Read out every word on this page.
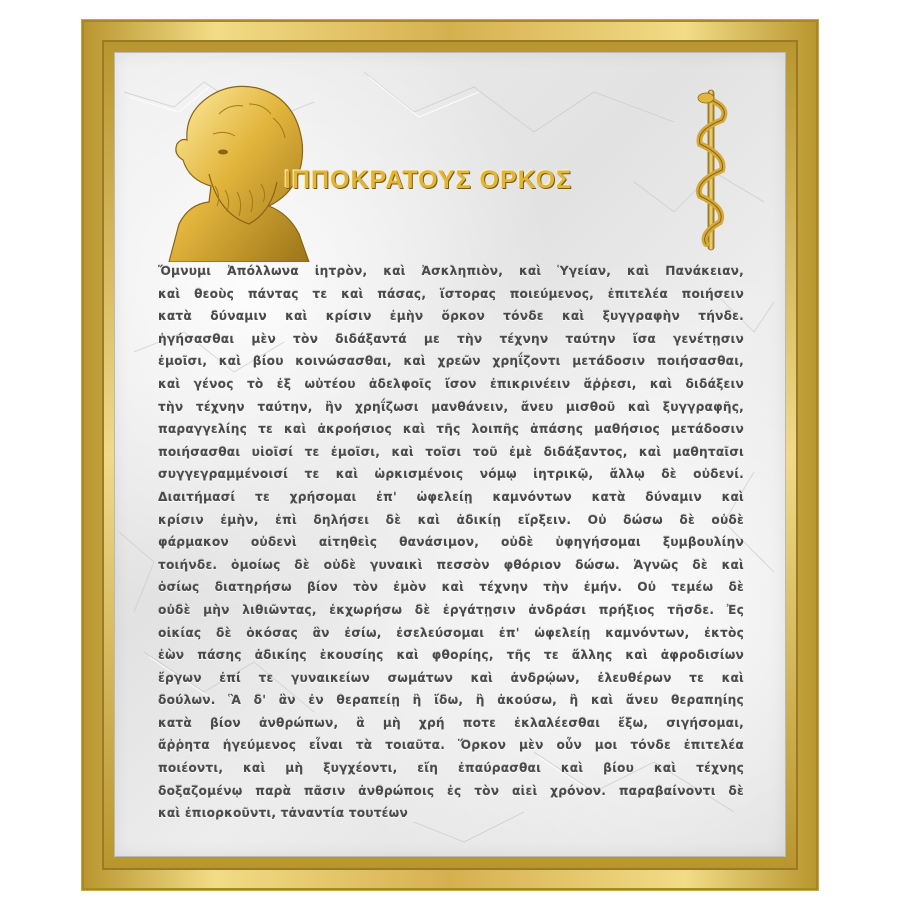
ΙΠΠΟΚΡΑΤΟΥΣ ΟΡΚΟΣ
Ὄμνυμι Ἀπόλλωνα ἰητρὸν, καὶ Ἀσκληπιὸν, καὶ Ὑγείαν, καὶ Πανάκειαν,
καὶ θεοὺς πάντας τε καὶ πάσας, ἵστορας ποιεύμενος, ἐπιτελέα ποιήσειν
κατὰ δύναμιν καὶ κρίσιν ἐμὴν ὅρκον τόνδε καὶ ξυγγραφὴν τήνδε.
ἡγήσασθαι μὲν τὸν διδάξαντά με τὴν τέχνην ταύτην ἴσα γενέτῃσιν
ἐμοῖσι, καὶ βίου κοινώσασθαι, καὶ χρεῶν χρηΐζοντι μετάδοσιν ποιήσασθαι,
καὶ γένος τὸ ἐξ ωὐτέου ἀδελφοῖς ἴσον ἐπικρινέειν ἄῤῥεσι, καὶ διδάξειν
τὴν τέχνην ταύτην, ἢν χρηΐζωσι μανθάνειν, ἄνευ μισθοῦ καὶ ξυγγραφῆς,
παραγγελίης τε καὶ ἀκροήσιος καὶ τῆς λοιπῆς ἁπάσης μαθήσιος μετάδοσιν
ποιήσασθαι υἱοῖσί τε ἐμοῖσι, καὶ τοῖσι τοῦ ἐμὲ διδάξαντος, καὶ μαθηταῖσι
συγγεγραμμένοισί τε καὶ ὡρκισμένοις νόμῳ ἰητρικῷ, ἄλλῳ δὲ οὐδενί.
Διαιτήμασί τε χρήσομαι ἐπ' ὠφελείῃ καμνόντων κατὰ δύναμιν καὶ
κρίσιν ἐμὴν, ἐπὶ δηλήσει δὲ καὶ ἀδικίῃ εἴρξειν. Οὐ δώσω δὲ οὐδὲ
φάρμακον οὐδενὶ αἰτηθεὶς θανάσιμον, οὐδὲ ὑφηγήσομαι ξυμβουλίην
τοιήνδε. ὁμοίως δὲ οὐδὲ γυναικὶ πεσσὸν φθόριον δώσω. Ἁγνῶς δὲ καὶ
ὁσίως διατηρήσω βίον τὸν ἐμὸν καὶ τέχνην τὴν ἐμήν. Οὐ τεμέω δὲ
οὐδὲ μὴν λιθιῶντας, ἐκχωρήσω δὲ ἐργάτῃσιν ἀνδράσι πρήξιος τῆσδε. Ἐς
οἰκίας δὲ ὁκόσας ἂν ἐσίω, ἐσελεύσομαι ἐπ' ὠφελείῃ καμνόντων, ἐκτὸς
ἐὼν πάσης ἀδικίης ἑκουσίης καὶ φθορίης, τῆς τε ἄλλης καὶ ἀφροδισίων
ἔργων ἐπί τε γυναικείων σωμάτων καὶ ἀνδρῴων, ἐλευθέρων τε καὶ
δούλων. Ἃ δ' ἂν ἐν θεραπείῃ ἢ ἴδω, ἢ ἀκούσω, ἢ καὶ ἄνευ θεραπηίης
κατὰ βίον ἀνθρώπων, ἃ μὴ χρή ποτε ἐκλαλέεσθαι ἔξω, σιγήσομαι,
ἄῤῥητα ἡγεύμενος εἶναι τὰ τοιαῦτα. Ὅρκον μὲν οὖν μοι τόνδε ἐπιτελέα
ποιέοντι, καὶ μὴ ξυγχέοντι, εἴη ἐπαύρασθαι καὶ βίου καὶ τέχνης
δοξαζομένῳ παρὰ πᾶσιν ἀνθρώποις ἐς τὸν αἰεὶ χρόνον. παραβαίνοντι δὲ
καὶ ἐπιορκοῦντι, τἀναντία τουτέων
